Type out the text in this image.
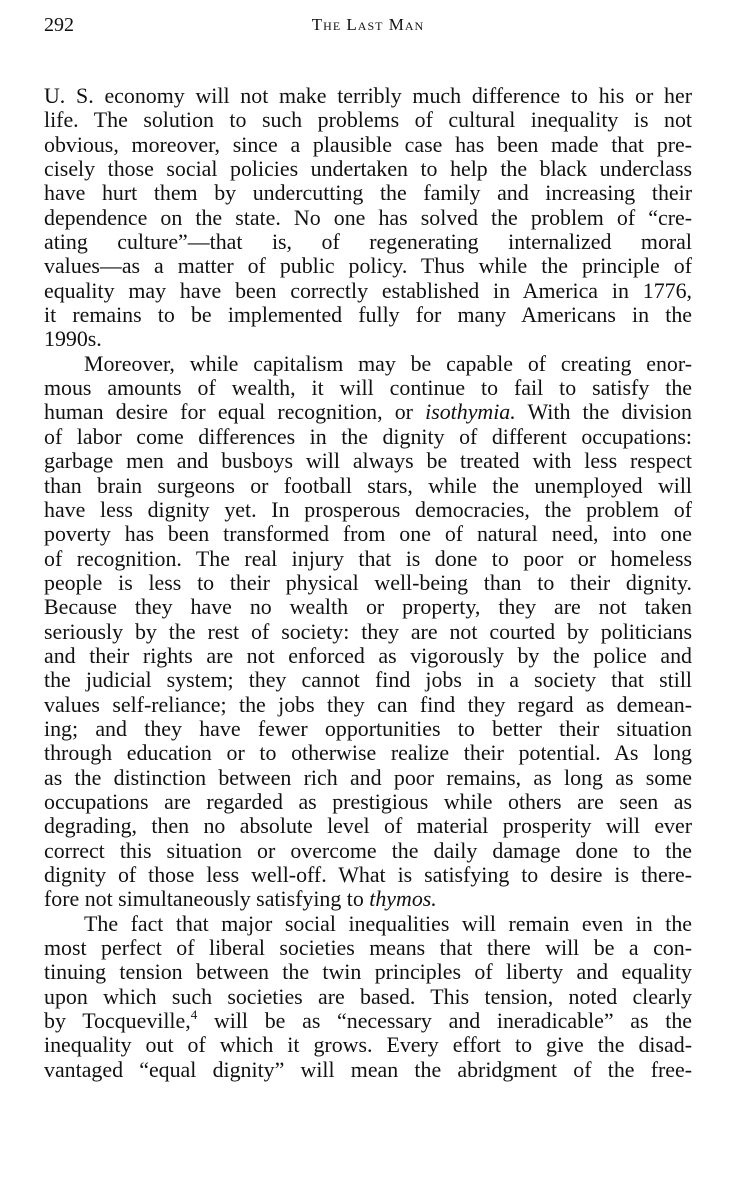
292	The Last Man
U. S. economy will not make terribly much difference to his or her
life. The solution to such problems of cultural inequality is not
obvious, moreover, since a plausible case has been made that pre-
cisely those social policies undertaken to help the black underclass
have hurt them by undercutting the family and increasing their
dependence on the state. No one has solved the problem of “cre-
ating culture”—that is, of regenerating internalized moral
values—as a matter of public policy. Thus while the principle of
equality may have been correctly established in America in 1776,
it remains to be implemented fully for many Americans in the
1990s.
Moreover, while capitalism may be capable of creating enor-
mous amounts of wealth, it will continue to fail to satisfy the
human desire for equal recognition, or isothymia. With the division
of labor come differences in the dignity of different occupations:
garbage men and busboys will always be treated with less respect
than brain surgeons or football stars, while the unemployed will
have less dignity yet. In prosperous democracies, the problem of
poverty has been transformed from one of natural need, into one
of recognition. The real injury that is done to poor or homeless
people is less to their physical well-being than to their dignity.
Because they have no wealth or property, they are not taken
seriously by the rest of society: they are not courted by politicians
and their rights are not enforced as vigorously by the police and
the judicial system; they cannot find jobs in a society that still
values self-reliance; the jobs they can find they regard as demean-
ing; and they have fewer opportunities to better their situation
through education or to otherwise realize their potential. As long
as the distinction between rich and poor remains, as long as some
occupations are regarded as prestigious while others are seen as
degrading, then no absolute level of material prosperity will ever
correct this situation or overcome the daily damage done to the
dignity of those less well-off. What is satisfying to desire is there-
fore not simultaneously satisfying to thymos.
The fact that major social inequalities will remain even in the
most perfect of liberal societies means that there will be a con-
tinuing tension between the twin principles of liberty and equality
upon which such societies are based. This tension, noted clearly
by Tocqueville,$^4$ will be as “necessary and ineradicable” as the
inequality out of which it grows. Every effort to give the disad-
vantaged “equal dignity” will mean the abridgment of the free-
